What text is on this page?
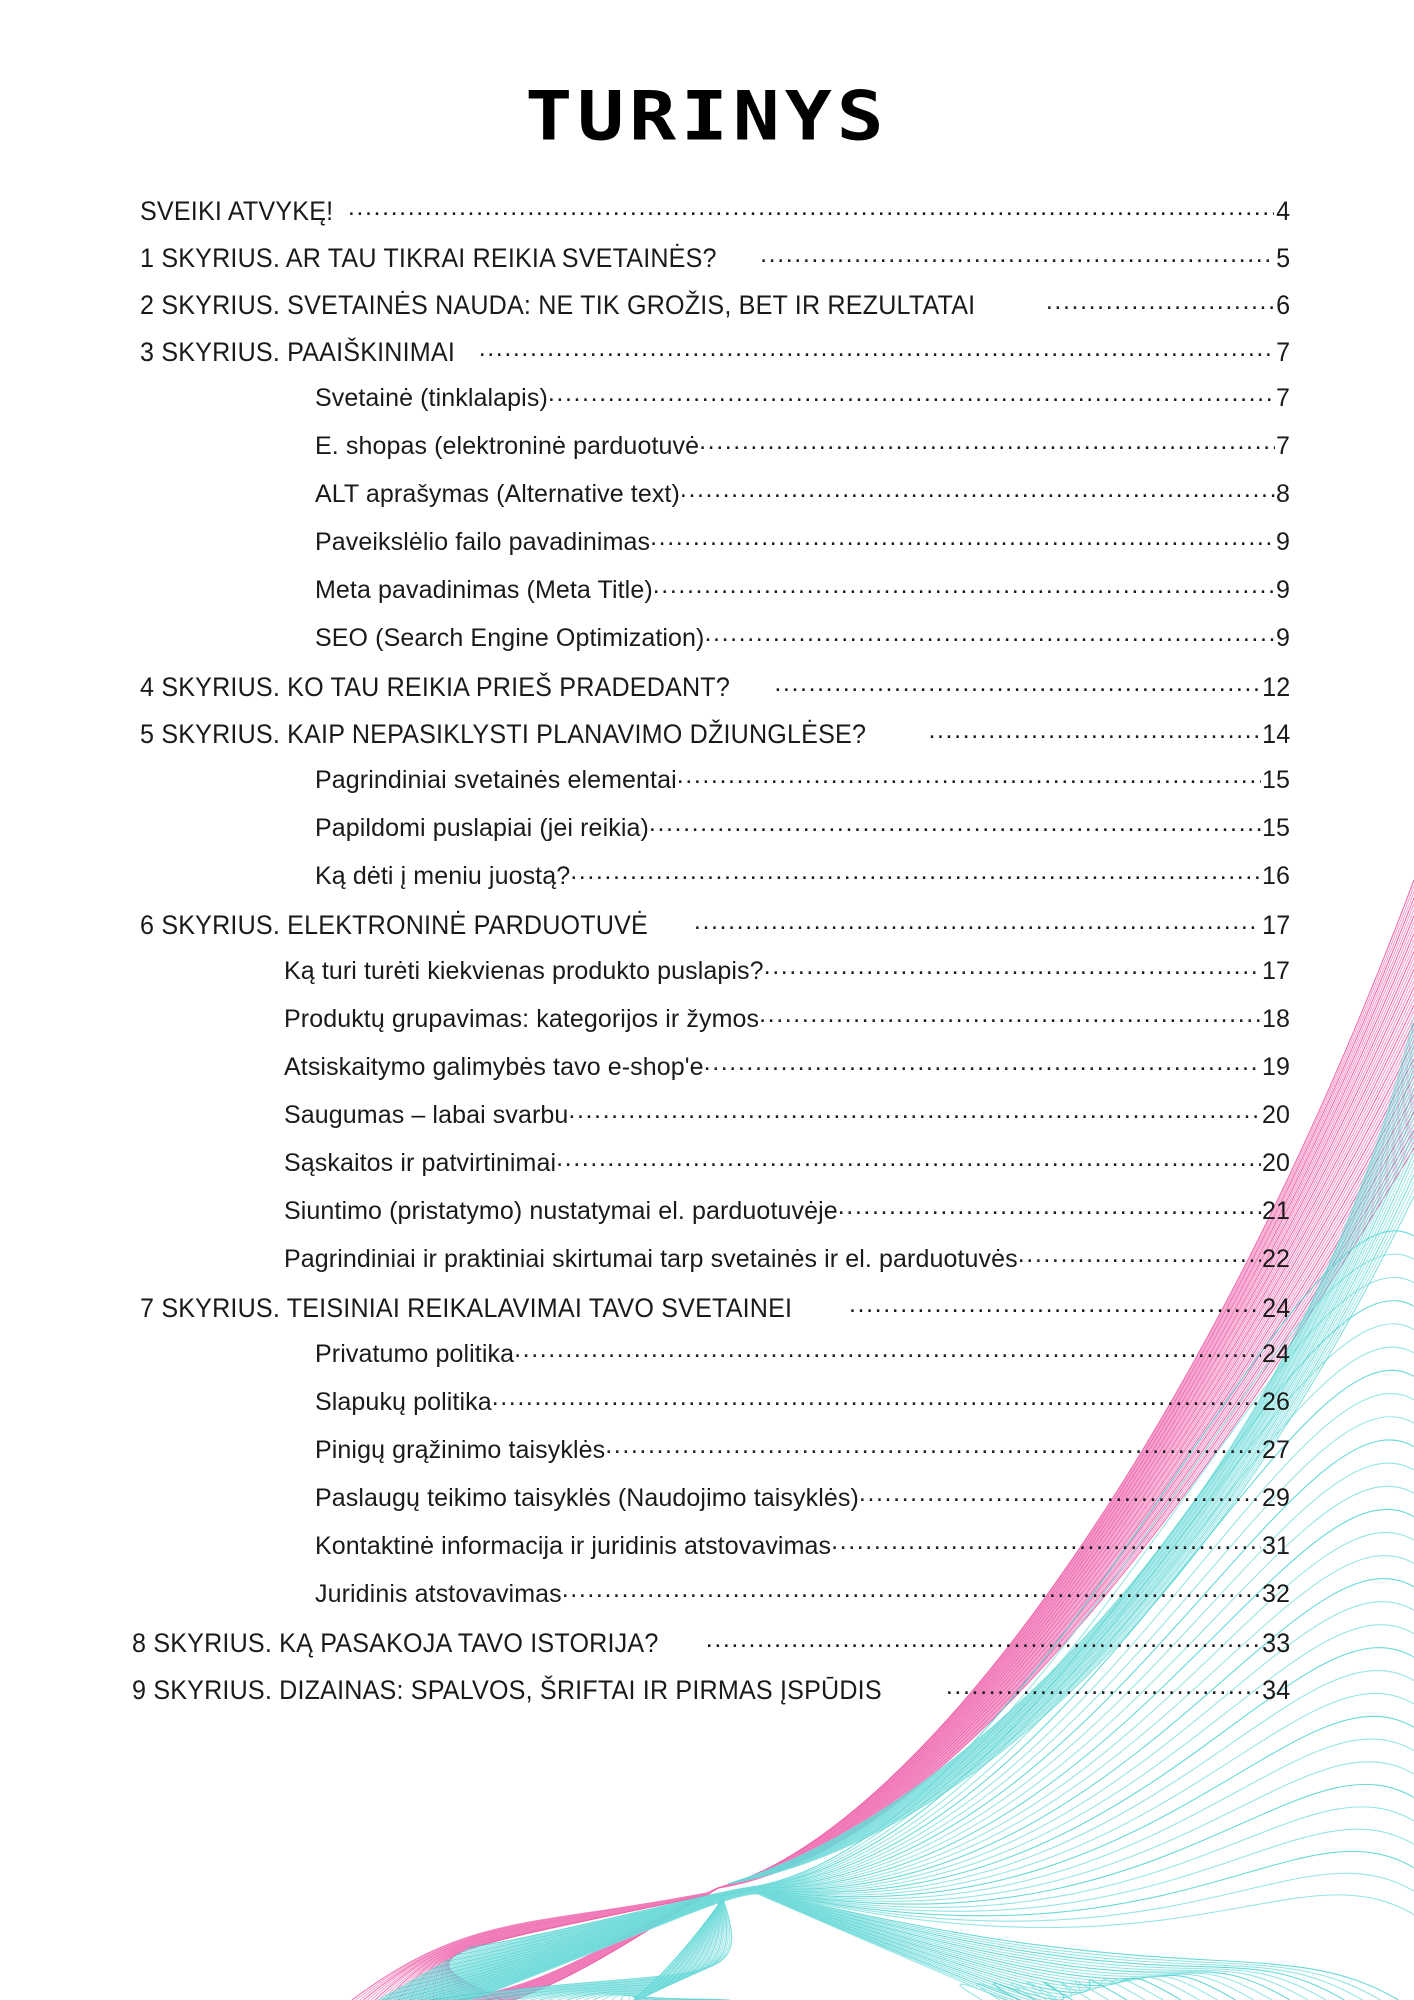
TURINYS
SVEIKI ATVYKĘ! .....	4
1 SKYRIUS. AR TAU TIKRAI REIKIA SVETAINĖS? .....	5
2 SKYRIUS. SVETAINĖS NAUDA: NE TIK GROŽIS, BET IR REZULTATAI .....	6
3 SKYRIUS. PAAIŠKINIMAI .....	7
Svetainė (tinklalapis) .....	7
E. shopas (elektroninė parduotuvė .....	7
ALT aprašymas (Alternative text) .....	8
Paveikslėlio failo pavadinimas .....	9
Meta pavadinimas (Meta Title) .....	9
SEO (Search Engine Optimization) .....	9
4 SKYRIUS. KO TAU REIKIA PRIEŠ PRADEDANT? .....	12
5 SKYRIUS. KAIP NEPASIKLYSTI PLANAVIMO DŽIUNGLĖSE? .....	14
Pagrindiniai svetainės elementai .....	15
Papildomi puslapiai (jei reikia) .....	15
Ką dėti į meniu juostą? .....	16
6 SKYRIUS. ELEKTRONINĖ PARDUOTUVĖ .....	17
Ką turi turėti kiekvienas produkto puslapis? .....	17
Produktų grupavimas: kategorijos ir žymos .....	18
Atsiskaitymo galimybės tavo e-shop'e .....	19
Saugumas – labai svarbu .....	20
Sąskaitos ir patvirtinimai .....	20
Siuntimo (pristatymo) nustatymai el. parduotuvėje .....	21
Pagrindiniai ir praktiniai skirtumai tarp svetainės ir el. parduotuvės .....	22
7 SKYRIUS. TEISINIAI REIKALAVIMAI TAVO SVETAINEI .....	24
Privatumo politika .....	24
Slapukų politika .....	26
Pinigų grąžinimo taisyklės .....	27
Paslaugų teikimo taisyklės (Naudojimo taisyklės) .....	29
Kontaktinė informacija ir juridinis atstovavimas .....	31
Juridinis atstovavimas .....	32
8 SKYRIUS. KĄ PASAKOJA TAVO ISTORIJA? .....	33
9 SKYRIUS. DIZAINAS: SPALVOS, ŠRIFTAI IR PIRMAS ĮSPŪDIS .....	34
